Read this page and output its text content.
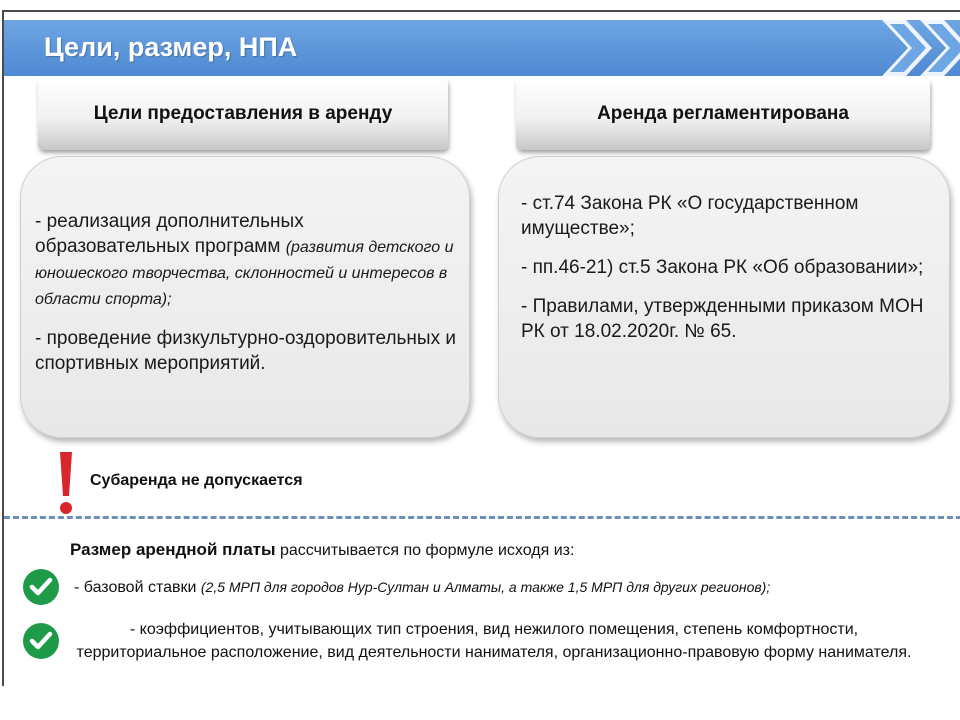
Цели, размер, НПА
Цели предоставления в аренду

- реализация дополнительных образовательных программ (развития детского и юношеского творчества, склонностей и интересов в области спорта);

- проведение физкультурно-оздоровительных и спортивных мероприятий.

Аренда регламентирована

- ст.74 Закона РК «О государственном имуществе»;

- пп.46-21) ст.5 Закона РК «Об образовании»;

- Правилами, утвержденными приказом МОН РК от 18.02.2020г. № 65.

Субаренда не допускается
Размер арендной платы рассчитывается по формуле исходя из:
- базовой ставки (2,5 МРП для городов Нур-Султан и Алматы, а также 1,5 МРП для других регионов);
- коэффициентов, учитывающих тип строения, вид нежилого помещения, степень комфортности, территориальное расположение, вид деятельности нанимателя, организационно-правовую форму нанимателя.
